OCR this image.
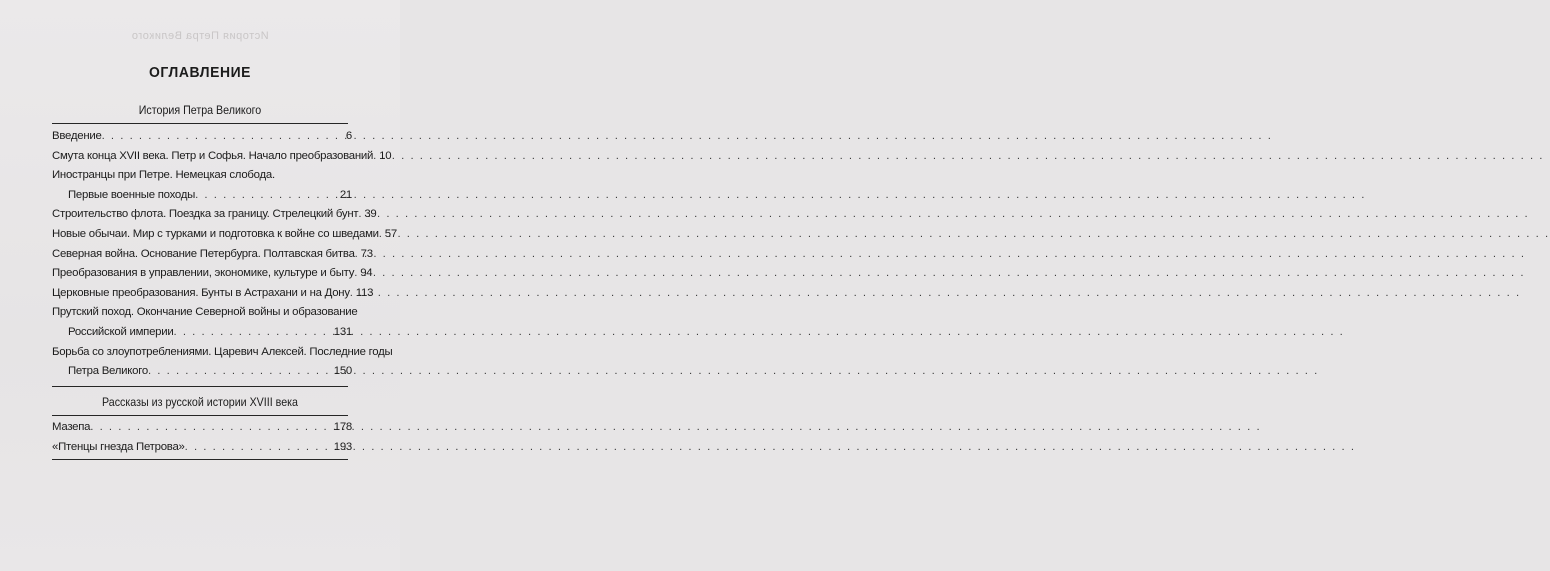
История Петра Великого
ОГЛАВЛЕНИЕ
История Петра Великого
Введение . . .	6
Смута конца XVII века. Петр и Софья. Начало преобразований . . . 10
Иностранцы при Петре. Немецкая слобода.
Первые военные походы . . .	21
Строительство флота. Поездка за границу. Стрелецкий бунт . . . 39
Новые обычаи. Мир с турками и подготовка к войне со шведами . . . 57
Северная война. Основание Петербурга. Полтавская битва . . . 73
Преобразования в управлении, экономике, культуре и быту . . . 94
Церковные преобразования. Бунты в Астрахани и на Дону . . . 113
Прутский поход. Окончание Северной войны и образование
Российской империи . . .	131
Борьба со злоупотреблениями. Царевич Алексей. Последние годы
Петра Великого . . .	150
Рассказы из русской истории XVIII века
Мазепа . . .	178
«Птенцы гнезда Петрова» . . .	193
